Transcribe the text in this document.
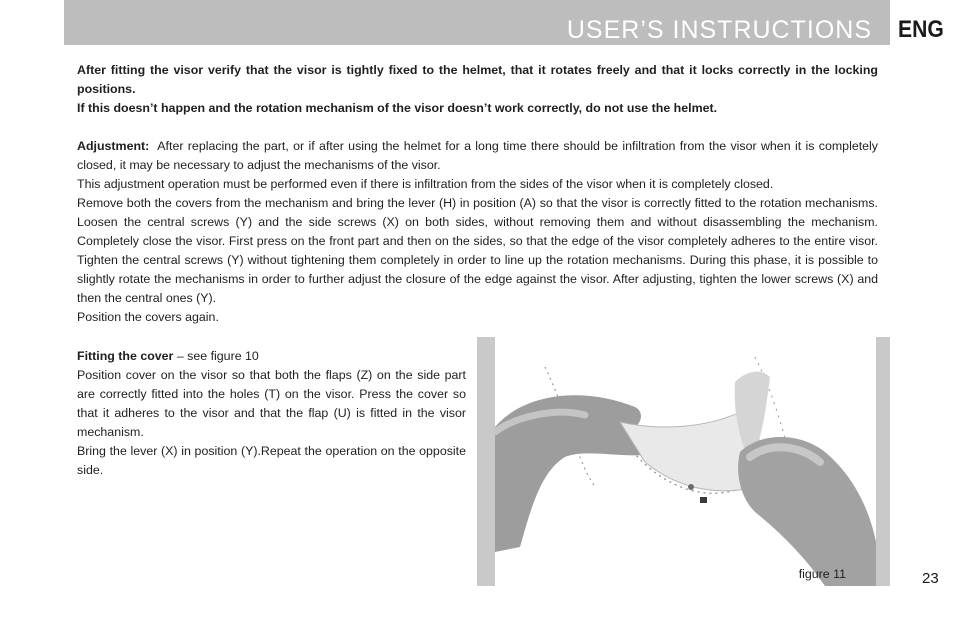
USER’S INSTRUCTIONS ENG

After fitting the visor verify that the visor is tightly fixed to the helmet, that it rotates freely and that it locks correctly in the locking positions.

If this doesn’t happen and the rotation mechanism of the visor doesn’t work correctly, do not use the helmet.

Adjustment: After replacing the part, or if after using the helmet for a long time there should be infiltration from the visor when it is completely closed, it may be necessary to adjust the mechanisms of the visor.

This adjustment operation must be performed even if there is infiltration from the sides of the visor when it is completely closed.

Remove both the covers from the mechanism and bring the lever (H) in position (A) so that the visor is correctly fitted to the rotation mechanisms. Loosen the central screws (Y) and the side screws (X) on both sides, without removing them and without disassembling the mechanism. Completely close the visor. First press on the front part and then on the sides, so that the edge of the visor completely adheres to the entire visor. Tighten the central screws (Y) without tightening them completely in order to line up the rotation mechanisms. During this phase, it is possible to slightly rotate the mechanisms in order to further adjust the closure of the edge against the visor. After adjusting, tighten the lower screws (X) and then the central ones (Y).

Position the covers again.

Fitting the cover – see figure 10

Position cover on the visor so that both the flaps (Z) on the side part are correctly fitted into the holes (T) on the visor. Press the cover so that it adheres to the visor and that the flap (U) is fitted in the visor mechanism.

Bring the lever (X) in position (Y).Repeat the operation on the opposite side.

figure 11	23
